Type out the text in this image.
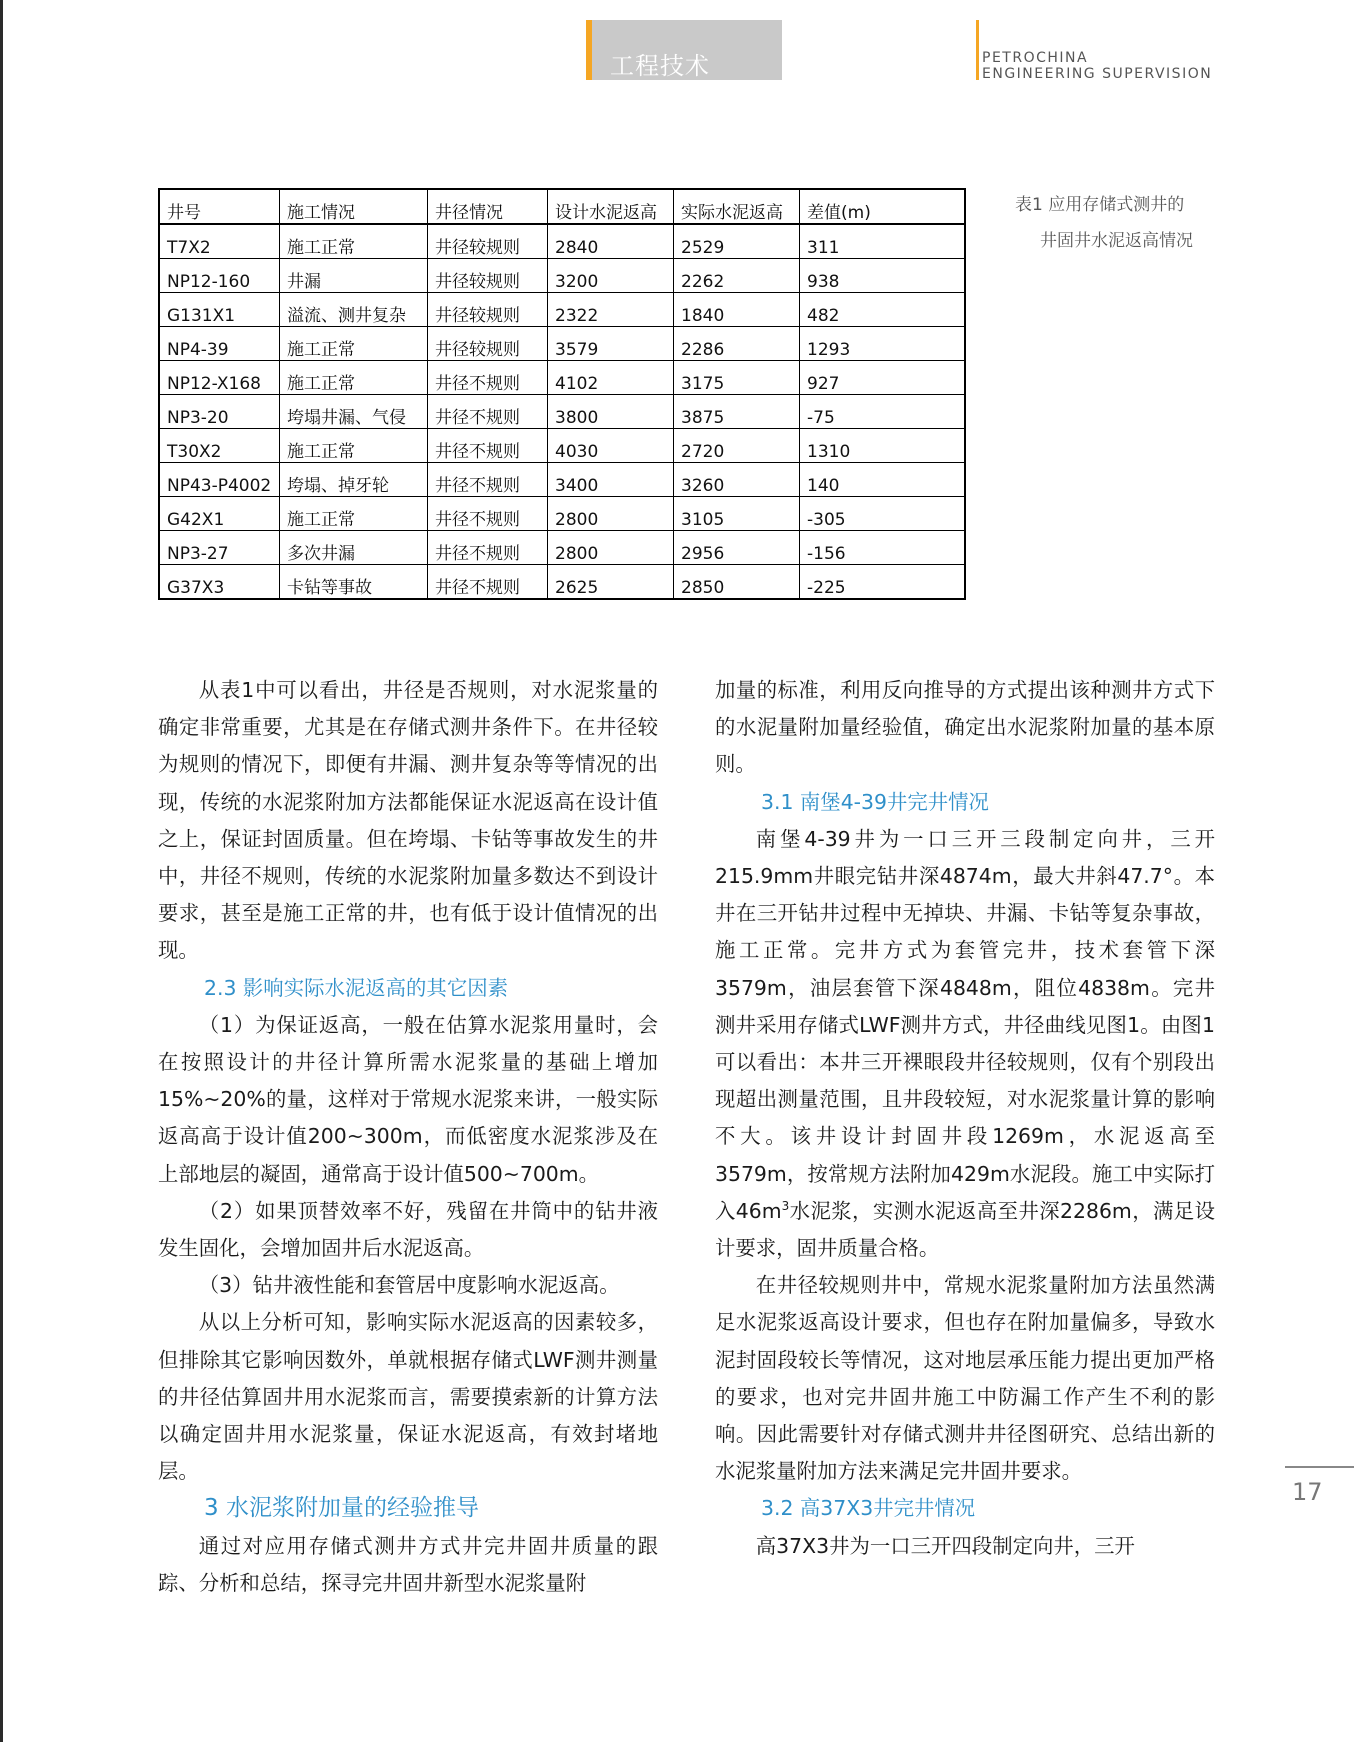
工程技术	PETROCHINA
ENGINEERING SUPERVISION
井号	施工情况	井径情况	设计水泥返高	实际水泥返高	差值(m)
T7X2	施工正常	井径较规则	2840	2529	311
NP12-160	井漏	井径较规则	3200	2262	938
G131X1	溢流、测井复杂	井径较规则	2322	1840	482
NP4-39	施工正常	井径较规则	3579	2286	1293
NP12-X168	施工正常	井径不规则	4102	3175	927
NP3-20	垮塌井漏、气侵	井径不规则	3800	3875	-75
T30X2	施工正常	井径不规则	4030	2720	1310
NP43-P4002	垮塌、掉牙轮	井径不规则	3400	3260	140
G42X1	施工正常	井径不规则	2800	3105	-305
NP3-27	多次井漏	井径不规则	2800	2956	-156
G37X3	卡钻等事故	井径不规则	2625	2850	-225
表1 应用存储式测井的
井固井水泥返高情况

从表1中可以看出，井径是否规则，对水泥浆量的确定非常重要，尤其是在存储式测井条件下。在井径较为规则的情况下，即便有井漏、测井复杂等等情况的出现，传统的水泥浆附加方法都能保证水泥返高在设计值之上，保证封固质量。但在垮塌、卡钻等事故发生的井中，井径不规则，传统的水泥浆附加量多数达不到设计要求，甚至是施工正常的井，也有低于设计值情况的出现。

2.3 影响实际水泥返高的其它因素

（1）为保证返高，一般在估算水泥浆用量时，会在按照设计的井径计算所需水泥浆量的基础上增加15%~20%的量，这样对于常规水泥浆来讲，一般实际返高高于设计值200~300m，而低密度水泥浆涉及在上部地层的凝固，通常高于设计值500~700m。

（2）如果顶替效率不好，残留在井筒中的钻井液发生固化，会增加固井后水泥返高。

（3）钻井液性能和套管居中度影响水泥返高。

从以上分析可知，影响实际水泥返高的因素较多，但排除其它影响因数外，单就根据存储式LWF测井测量的井径估算固井用水泥浆而言，需要摸索新的计算方法以确定固井用水泥浆量，保证水泥返高，有效封堵地层。

3 水泥浆附加量的经验推导

通过对应用存储式测井方式井完井固井质量的跟踪、分析和总结，探寻完井固井新型水泥浆量附

加量的标准，利用反向推导的方式提出该种测井方式下的水泥量附加量经验值，确定出水泥浆附加量的基本原则。

3.1 南堡4-39井完井情况

南堡4-39井为一口三开三段制定向井，三开215.9mm井眼完钻井深4874m，最大井斜47.7°。本井在三开钻井过程中无掉块、井漏、卡钻等复杂事故，施工正常。完井方式为套管完井，技术套管下深3579m，油层套管下深4848m，阻位4838m。完井测井采用存储式LWF测井方式，井径曲线见图1。由图1可以看出：本井三开裸眼段井径较规则，仅有个别段出现超出测量范围，且井段较短，对水泥浆量计算的影响不大。该井设计封固井段1269m，水泥返高至3579m，按常规方法附加429m水泥段。施工中实际打入$46m^3$水泥浆，实测水泥返高至井深2286m，满足设计要求，固井质量合格。

在井径较规则井中，常规水泥浆量附加方法虽然满足水泥浆返高设计要求，但也存在附加量偏多，导致水泥封固段较长等情况，这对地层承压能力提出更加严格的要求，也对完井固井施工中防漏工作产生不利的影响。因此需要针对存储式测井井径图研究、总结出新的水泥浆量附加方法来满足完井固井要求。

3.2 高37X3井完井情况

高37X3井为一口三开四段制定向井，三开

17
